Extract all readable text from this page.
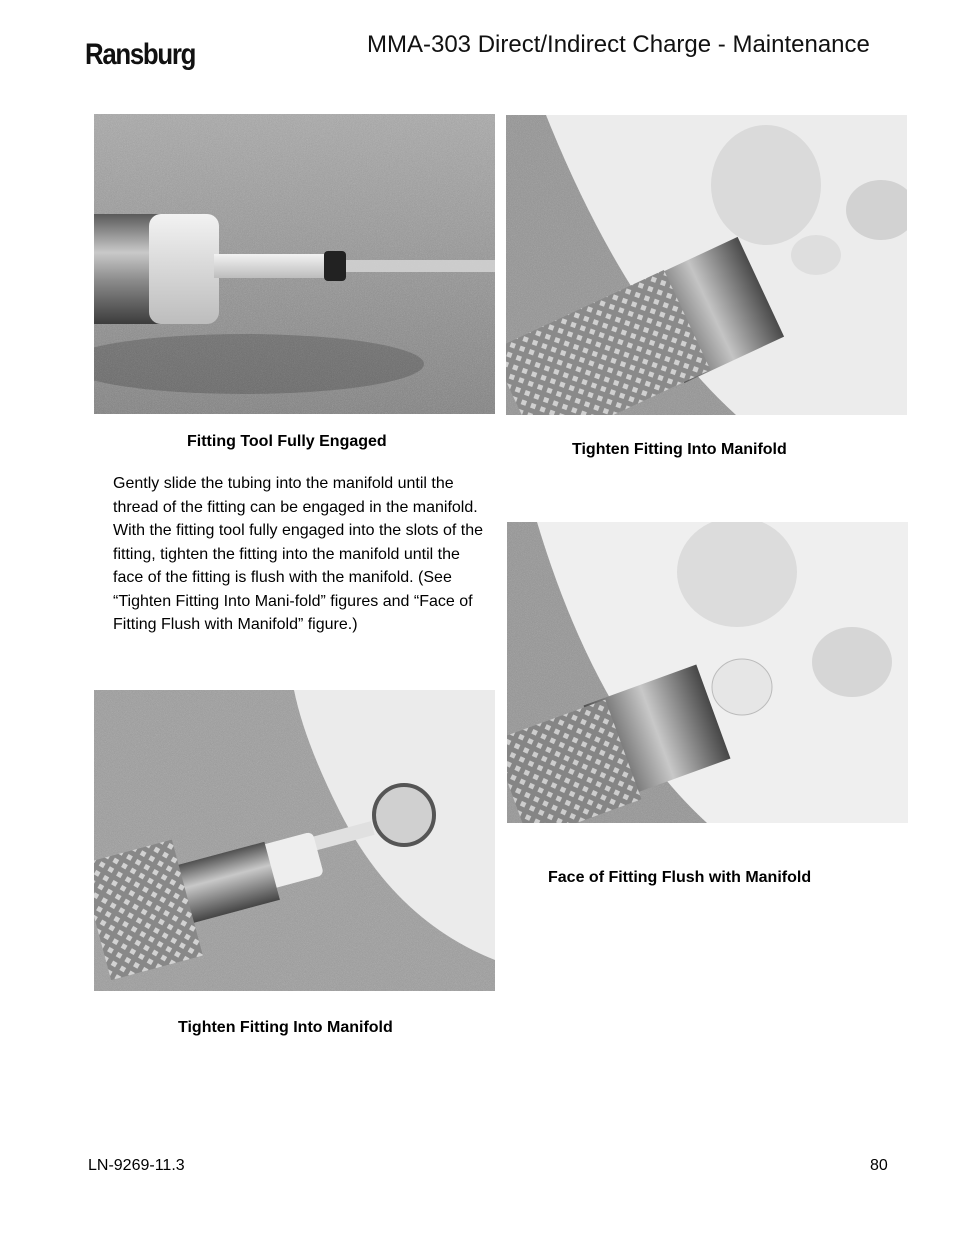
Ransburg	MMA-303 Direct/Indirect Charge - Maintenance
Fitting Tool Fully Engaged
Gently slide the tubing into the manifold until the thread of the fitting can be engaged in the manifold. With the fitting tool fully engaged into the slots of the fitting, tighten the fitting into the manifold until the face of the fitting is flush with the manifold. (See “Tighten Fitting Into Mani-fold” figures and “Face of Fitting Flush with Manifold” figure.)
Tighten Fitting Into Manifold
Face of Fitting Flush with Manifold
Tighten Fitting Into Manifold
LN-9269-11.3	80
